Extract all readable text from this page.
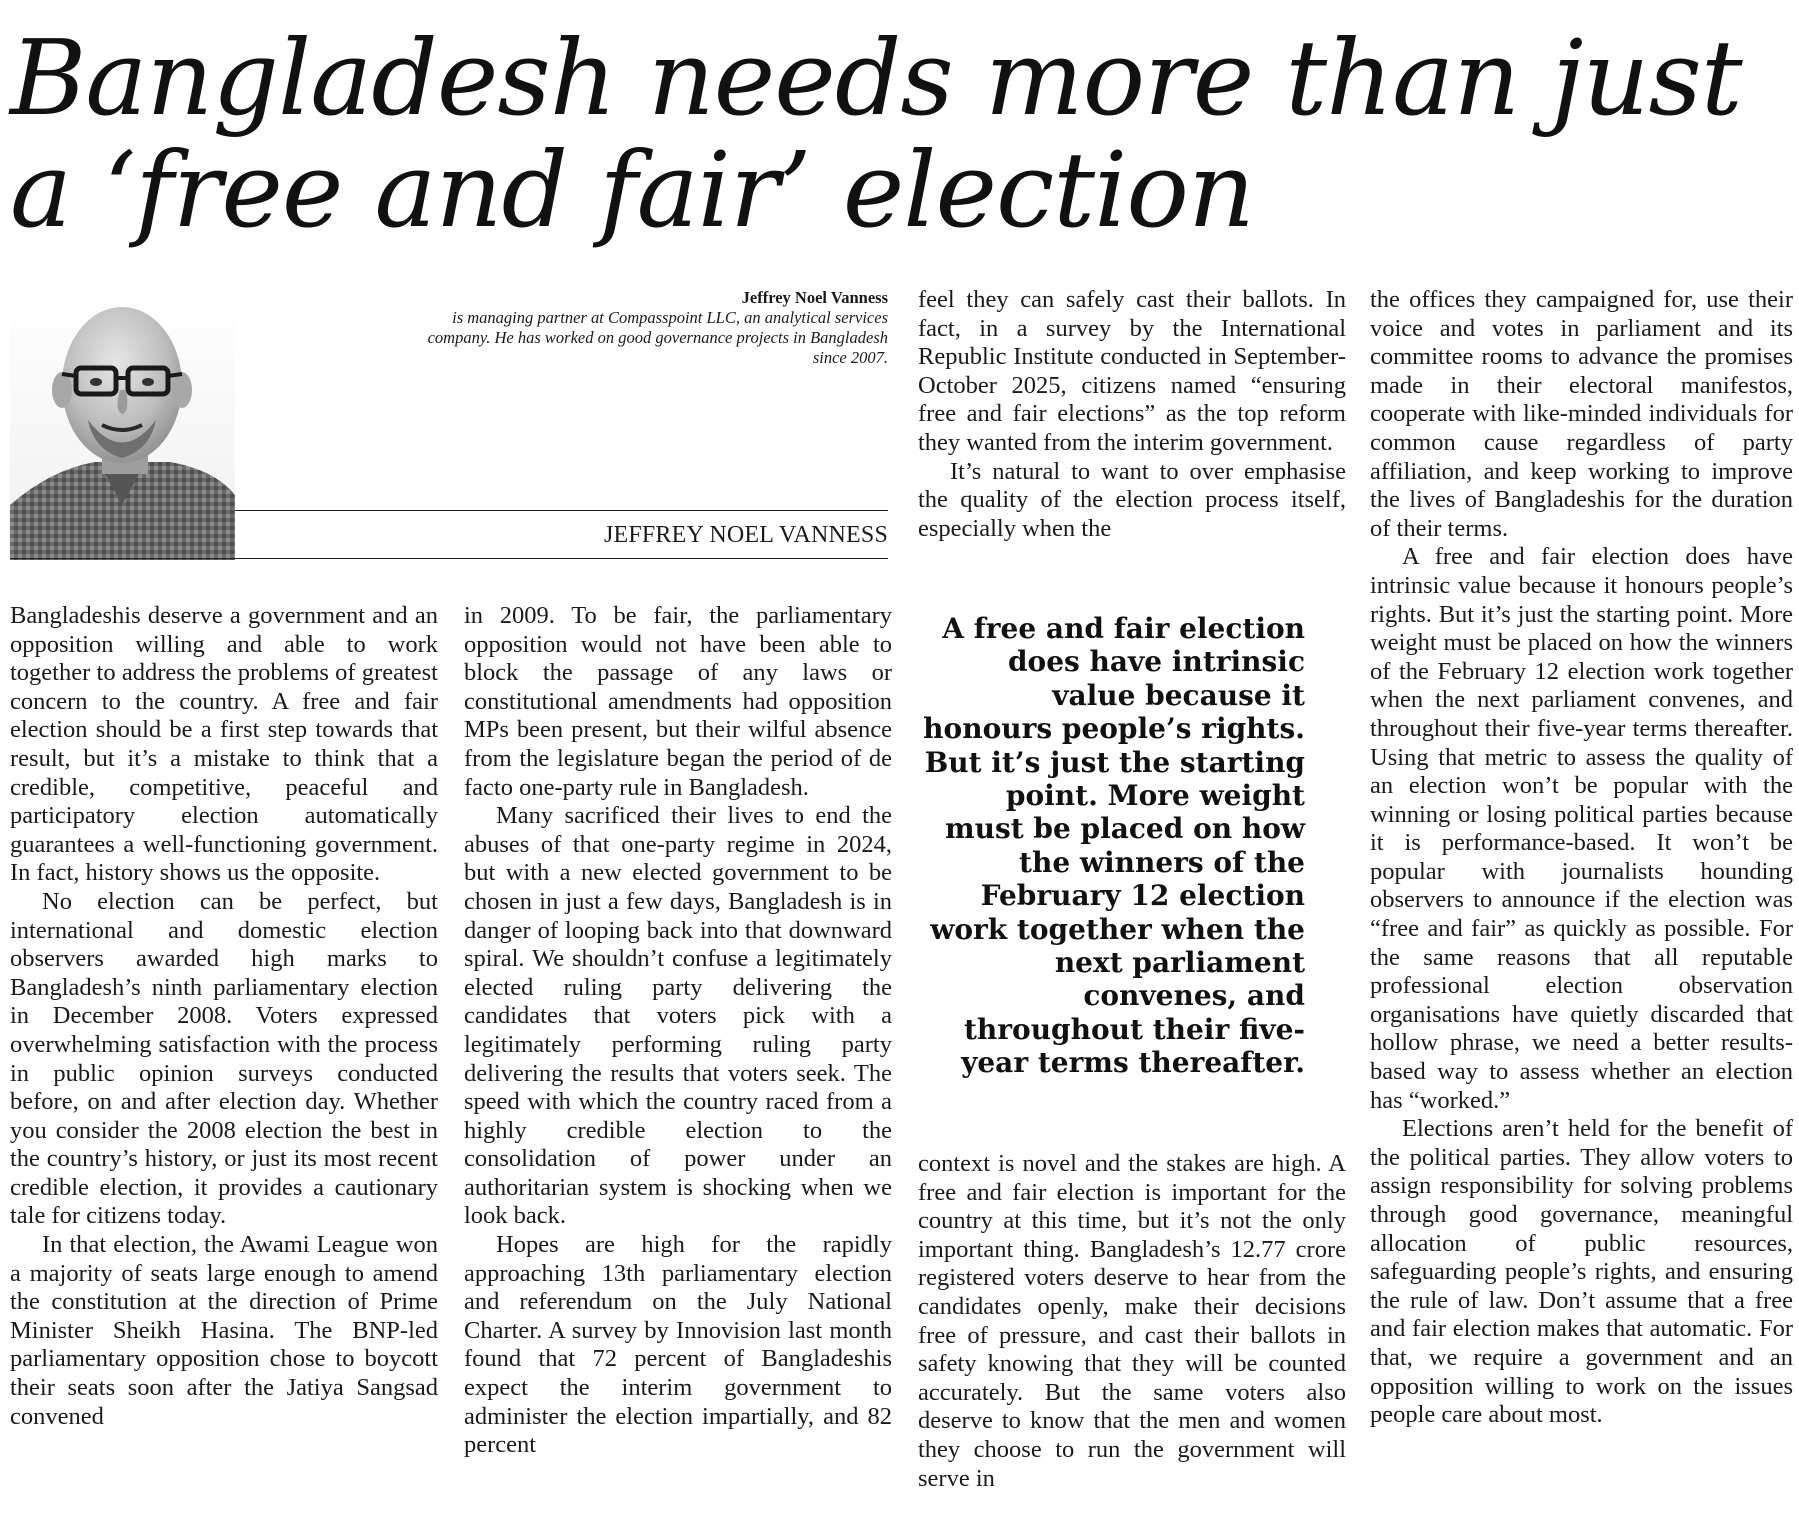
Bangladesh needs more than just a ‘free and fair’ election
Jeffrey Noel Vanness
is managing partner at Compasspoint LLC, an analytical services company. He has worked on good governance projects in Bangladesh since 2007.
JEFFREY NOEL VANNESS

Bangladeshis deserve a government and an opposition willing and able to work together to address the problems of greatest concern to the country. A free and fair election should be a first step towards that result, but it’s a mistake to think that a credible, competitive, peaceful and participatory election automatically guarantees a well-functioning government. In fact, history shows us the opposite.

No election can be perfect, but international and domestic election observers awarded high marks to Bangladesh’s ninth parliamentary election in December 2008. Voters expressed overwhelming satisfaction with the process in public opinion surveys conducted before, on and after election day. Whether you consider the 2008 election the best in the country’s history, or just its most recent credible election, it provides a cautionary tale for citizens today.

In that election, the Awami League won a majority of seats large enough to amend the constitution at the direction of Prime Minister Sheikh Hasina. The BNP-led parliamentary opposition chose to boycott their seats soon after the Jatiya Sangsad convened

in 2009. To be fair, the parliamentary opposition would not have been able to block the passage of any laws or constitutional amendments had opposition MPs been present, but their wilful absence from the legislature began the period of de facto one-party rule in Bangladesh.

Many sacrificed their lives to end the abuses of that one-party regime in 2024, but with a new elected government to be chosen in just a few days, Bangladesh is in danger of looping back into that downward spiral. We shouldn’t confuse a legitimately elected ruling party delivering the candidates that voters pick with a legitimately performing ruling party delivering the results that voters seek. The speed with which the country raced from a highly credible election to the consolidation of power under an authoritarian system is shocking when we look back.

Hopes are high for the rapidly approaching 13th parliamentary election and referendum on the July National Charter. A survey by Innovision last month found that 72 percent of Bangladeshis expect the interim government to administer the election impartially, and 82 percent

feel they can safely cast their ballots. In fact, in a survey by the International Republic Institute conducted in September-October 2025, citizens named “ensuring free and fair elections” as the top reform they wanted from the interim government.

It’s natural to want to over emphasise the quality of the election process itself, especially when the

A free and fair election does have intrinsic value because it honours people’s rights. But it’s just the starting point. More weight must be placed on how the winners of the February 12 election work together when the next parliament convenes, and throughout their five-year terms thereafter.

context is novel and the stakes are high. A free and fair election is important for the country at this time, but it’s not the only important thing. Bangladesh’s 12.77 crore registered voters deserve to hear from the candidates openly, make their decisions free of pressure, and cast their ballots in safety knowing that they will be counted accurately. But the same voters also deserve to know that the men and women they choose to run the government will serve in

the offices they campaigned for, use their voice and votes in parliament and its committee rooms to advance the promises made in their electoral manifestos, cooperate with like-minded individuals for common cause regardless of party affiliation, and keep working to improve the lives of Bangladeshis for the duration of their terms.

A free and fair election does have intrinsic value because it honours people’s rights. But it’s just the starting point. More weight must be placed on how the winners of the February 12 election work together when the next parliament convenes, and throughout their five-year terms thereafter. Using that metric to assess the quality of an election won’t be popular with the winning or losing political parties because it is performance-based. It won’t be popular with journalists hounding observers to announce if the election was “free and fair” as quickly as possible. For the same reasons that all reputable professional election observation organisations have quietly discarded that hollow phrase, we need a better results-based way to assess whether an election has “worked.”

Elections aren’t held for the benefit of the political parties. They allow voters to assign responsibility for solving problems through good governance, meaningful allocation of public resources, safeguarding people’s rights, and ensuring the rule of law. Don’t assume that a free and fair election makes that automatic. For that, we require a government and an opposition willing to work on the issues people care about most.
